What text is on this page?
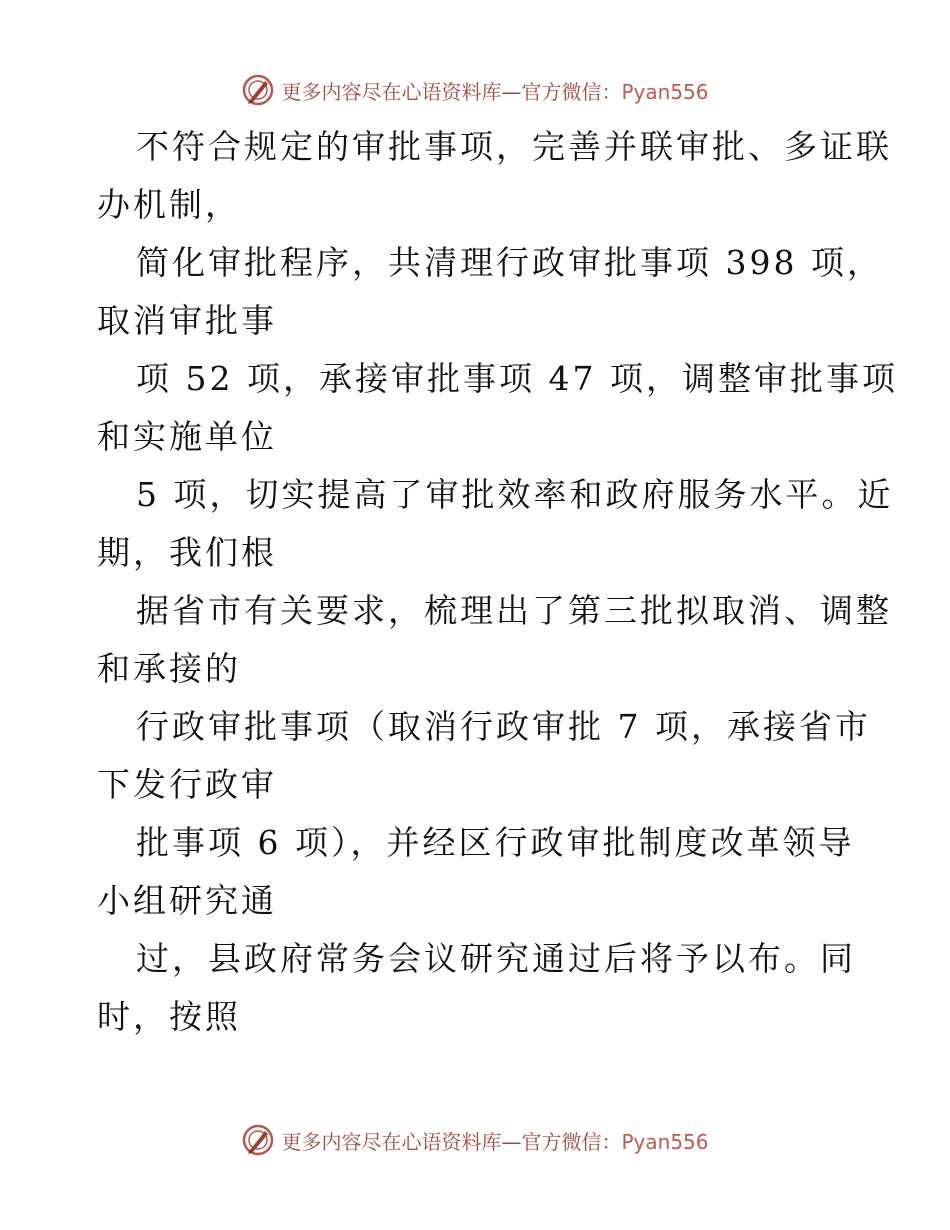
更多内容尽在心语资料库—官方微信：Pyan556
不符合规定的审批事项，完善并联审批、多证联
办机制，
简化审批程序，共清理行政审批事项 398 项，
取消审批事
项 52 项，承接审批事项 47 项，调整审批事项
和实施单位
5 项，切实提高了审批效率和政府服务水平。近
期，我们根
据省市有关要求，梳理出了第三批拟取消、调整
和承接的
行政审批事项（取消行政审批 7 项，承接省市
下发行政审
批事项 6 项），并经区行政审批制度改革领导
小组研究通
过，县政府常务会议研究通过后将予以布。同
时，按照
更多内容尽在心语资料库—官方微信：Pyan556
